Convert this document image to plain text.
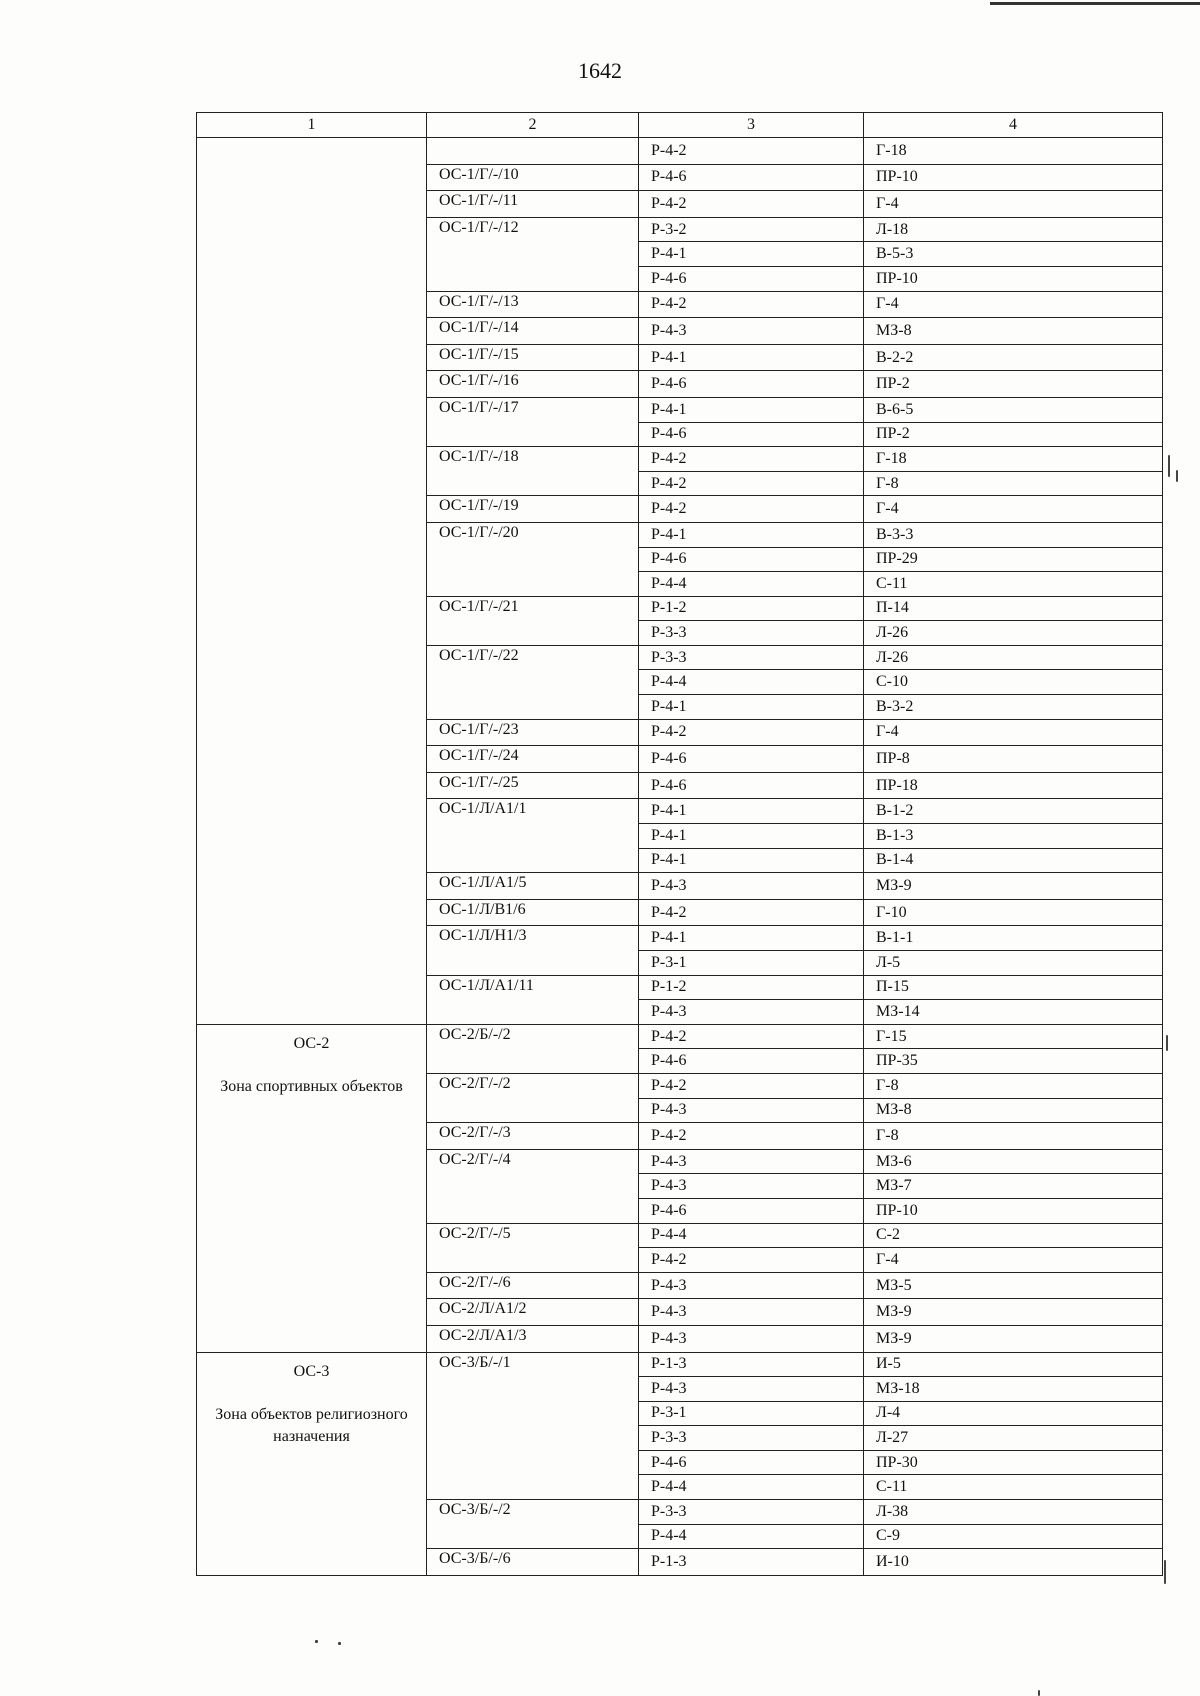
1642
1	2	3	4

		Р-4-2	Г-18
	ОС-1/Г/-/10	Р-4-6	ПР-10
	ОС-1/Г/-/11	Р-4-2	Г-4
	ОС-1/Г/-/12	Р-3-2	Л-18
		Р-4-1	В-5-3
		Р-4-6	ПР-10
	ОС-1/Г/-/13	Р-4-2	Г-4
	ОС-1/Г/-/14	Р-4-3	МЗ-8
	ОС-1/Г/-/15	Р-4-1	В-2-2
	ОС-1/Г/-/16	Р-4-6	ПР-2
	ОС-1/Г/-/17	Р-4-1	В-6-5
		Р-4-6	ПР-2
	ОС-1/Г/-/18	Р-4-2	Г-18
		Р-4-2	Г-8
	ОС-1/Г/-/19	Р-4-2	Г-4
	ОС-1/Г/-/20	Р-4-1	В-3-3
		Р-4-6	ПР-29
		Р-4-4	С-11
	ОС-1/Г/-/21	Р-1-2	П-14
		Р-3-3	Л-26
	ОС-1/Г/-/22	Р-3-3	Л-26
		Р-4-4	С-10
		Р-4-1	В-3-2
	ОС-1/Г/-/23	Р-4-2	Г-4
	ОС-1/Г/-/24	Р-4-6	ПР-8
	ОС-1/Г/-/25	Р-4-6	ПР-18
	ОС-1/Л/А1/1	Р-4-1	В-1-2
		Р-4-1	В-1-3
		Р-4-1	В-1-4
	ОС-1/Л/А1/5	Р-4-3	МЗ-9
	ОС-1/Л/В1/6	Р-4-2	Г-10
	ОС-1/Л/Н1/3	Р-4-1	В-1-1
		Р-3-1	Л-5
	ОС-1/Л/А1/11	Р-1-2	П-15
		Р-4-3	МЗ-14

ОС-2
Зона спортивных объектов	ОС-2/Б/-/2	Р-4-2	Г-15
		Р-4-6	ПР-35
	ОС-2/Г/-/2	Р-4-2	Г-8
		Р-4-3	МЗ-8
	ОС-2/Г/-/3	Р-4-2	Г-8
	ОС-2/Г/-/4	Р-4-3	МЗ-6
		Р-4-3	МЗ-7
		Р-4-6	ПР-10
	ОС-2/Г/-/5	Р-4-4	С-2
		Р-4-2	Г-4
	ОС-2/Г/-/6	Р-4-3	МЗ-5
	ОС-2/Л/А1/2	Р-4-3	МЗ-9
	ОС-2/Л/А1/3	Р-4-3	МЗ-9

ОС-3
Зона объектов религиозного назначения	ОС-3/Б/-/1	Р-1-3	И-5
		Р-4-3	МЗ-18
		Р-3-1	Л-4
		Р-3-3	Л-27
		Р-4-6	ПР-30
		Р-4-4	С-11
	ОС-3/Б/-/2	Р-3-3	Л-38
		Р-4-4	С-9
	ОС-3/Б/-/6	Р-1-3	И-10
